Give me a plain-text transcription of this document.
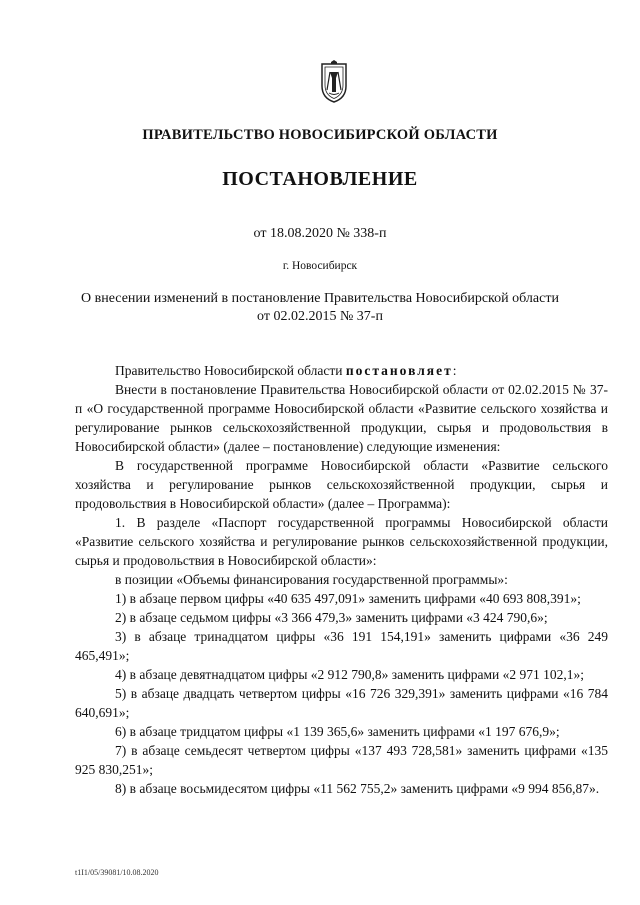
ПРАВИТЕЛЬСТВО НОВОСИБИРСКОЙ ОБЛАСТИ
ПОСТАНОВЛЕНИЕ
от 18.08.2020 № 338-п
г. Новосибирск
О внесении изменений в постановление Правительства Новосибирской области
от 02.02.2015 № 37-п

Правительство Новосибирской области постановляет:

Внести в постановление Правительства Новосибирской области от 02.02.2015 № 37-п «О государственной программе Новосибирской области «Развитие сельского хозяйства и регулирование рынков сельскохозяйственной продукции, сырья и продовольствия в Новосибирской области» (далее – постановление) следующие изменения:

В государственной программе Новосибирской области «Развитие сельского хозяйства и регулирование рынков сельскохозяйственной продукции, сырья и продовольствия в Новосибирской области» (далее – Программа):

1. В разделе «Паспорт государственной программы Новосибирской области «Развитие сельского хозяйства и регулирование рынков сельскохозяйственной продукции, сырья и продовольствия в Новосибирской области»:

в позиции «Объемы финансирования государственной программы»:

1) в абзаце первом цифры «40 635 497,091» заменить цифрами «40 693 808,391»;

2) в абзаце седьмом цифры «3 366 479,3» заменить цифрами «3 424 790,6»;

3) в абзаце тринадцатом цифры «36 191 154,191» заменить цифрами «36 249 465,491»;

4) в абзаце девятнадцатом цифры «2 912 790,8» заменить цифрами «2 971 102,1»;

5) в абзаце двадцать четвертом цифры «16 726 329,391» заменить цифрами «16 784 640,691»;

6) в абзаце тридцатом цифры «1 139 365,6» заменить цифрами «1 197 676,9»;

7) в абзаце семьдесят четвертом цифры «137 493 728,581» заменить цифрами «135 925 830,251»;

8) в абзаце восьмидесятом цифры «11 562 755,2» заменить цифрами «9 994 856,87».

t1I1/05/39081/10.08.2020
